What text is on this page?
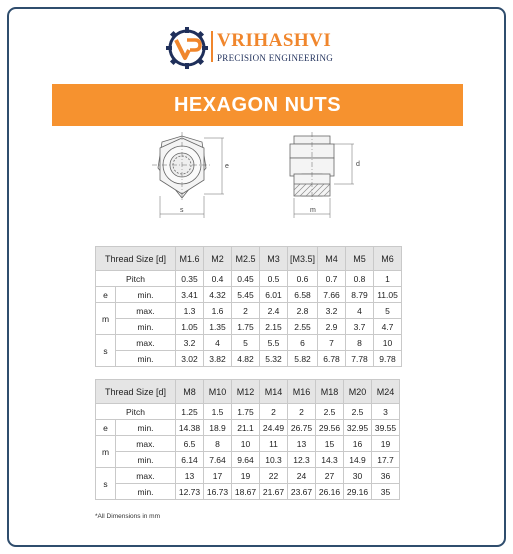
VRIHASHVI
PRECISION ENGINEERING
HEXAGON NUTS
e
s
d
m
Thread Size [d]		M1.6	M2	M2.5	M3	[M3.5]	M4	M5	M6
Pitch		0.35	0.4	0.45	0.5	0.6	0.7	0.8	1
e	min.	3.41	4.32	5.45	6.01	6.58	7.66	8.79	11.05
m	max.	1.3	1.6	2	2.4	2.8	3.2	4	5
	min.	1.05	1.35	1.75	2.15	2.55	2.9	3.7	4.7
s	max.	3.2	4	5	5.5	6	7	8	10
	min.	3.02	3.82	4.82	5.32	5.82	6.78	7.78	9.78
Thread Size [d]		M8	M10	M12	M14	M16	M18	M20	M24
Pitch		1.25	1.5	1.75	2	2	2.5	2.5	3
e	min.	14.38	18.9	21.1	24.49	26.75	29.56	32.95	39.55
m	max.	6.5	8	10	11	13	15	16	19
	min.	6.14	7.64	9.64	10.3	12.3	14.3	14.9	17.7
s	max.	13	17	19	22	24	27	30	36
	min.	12.73	16.73	18.67	21.67	23.67	26.16	29.16	35
*All Dimensions in mm
